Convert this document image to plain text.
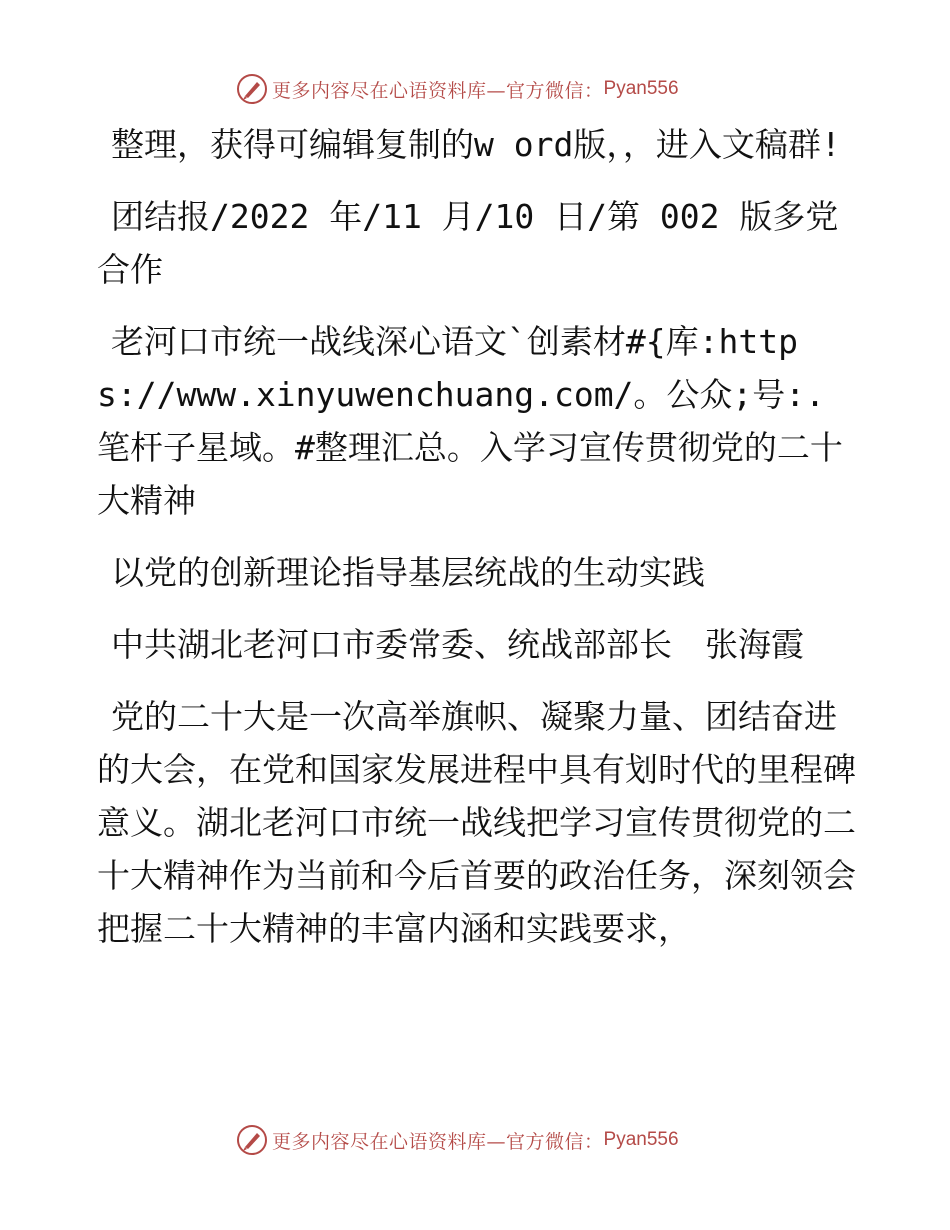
更多内容尽在心语资料库—官方微信： Pyan556

整理，获得可编辑复制的w ord版，，进入文稿群!

团结报/2022 年/11 月/10 日/第 002 版多党合作

老河口市统一战线深心语文`创素材#{库:https://www.xinyuwenchuang.com/。公众;号:.笔杆子星域。#整理汇总。入学习宣传贯彻党的二十大精神

以党的创新理论指导基层统战的生动实践

中共湖北老河口市委常委、统战部部长　张海霞

党的二十大是一次高举旗帜、凝聚力量、团结奋进的大会，在党和国家发展进程中具有划时代的里程碑意义。湖北老河口市统一战线把学习宣传贯彻党的二十大精神作为当前和今后首要的政治任务，深刻领会把握二十大精神的丰富内涵和实践要求，

更多内容尽在心语资料库—官方微信： Pyan556
